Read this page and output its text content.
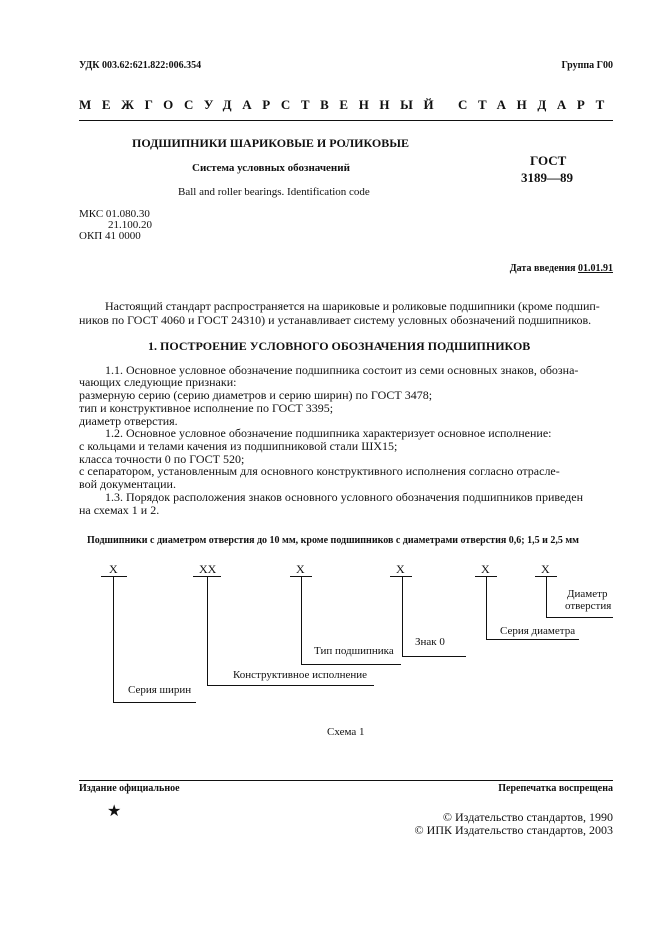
УДК 003.62:621.822:006.354	Группа Г00
МЕЖГОСУДАРСТВЕННЫЙ СТАНДАРТ
ПОДШИПНИКИ ШАРИКОВЫЕ И РОЛИКОВЫЕ
Система условных обозначений
Ball and roller bearings. Identification code
ГОСТ
3189—89
МКС 01.080.30
21.100.20
ОКП 41 0000
Дата введения 01.01.91
Настоящий стандарт распространяется на шариковые и роликовые подшипники (кроме подшип-
ников по ГОСТ 4060 и ГОСТ 24310) и устанавливает систему условных обозначений подшипников.
1. ПОСТРОЕНИЕ УСЛОВНОГО ОБОЗНАЧЕНИЯ ПОДШИПНИКОВ
1.1. Основное условное обозначение подшипника состоит из семи основных знаков, обозна-
чающих следующие признаки:
размерную серию (серию диаметров и серию ширин) по ГОСТ 3478;
тип и конструктивное исполнение по ГОСТ 3395;
диаметр отверстия.
1.2. Основное условное обозначение подшипника характеризует основное исполнение:
с кольцами и телами качения из подшипниковой стали ШХ15;
класса точности 0 по ГОСТ 520;
с сепаратором, установленным для основного конструктивного исполнения согласно отрасле-
вой документации.
1.3. Порядок расположения знаков основного условного обозначения подшипников приведен
на схемах 1 и 2.
Подшипники с диаметром отверстия до 10 мм, кроме подшипников с диаметрами отверстия 0,6; 1,5 и 2,5 мм
X	XX	X	X	X	X
Диаметр
отверстия
Серия диаметра
Знак 0
Тип подшипника
Конструктивное исполнение
Серия ширин
Схема 1
Издание официальное	Перепечатка воспрещена
★	© Издательство стандартов, 1990
© ИПК Издательство стандартов, 2003
